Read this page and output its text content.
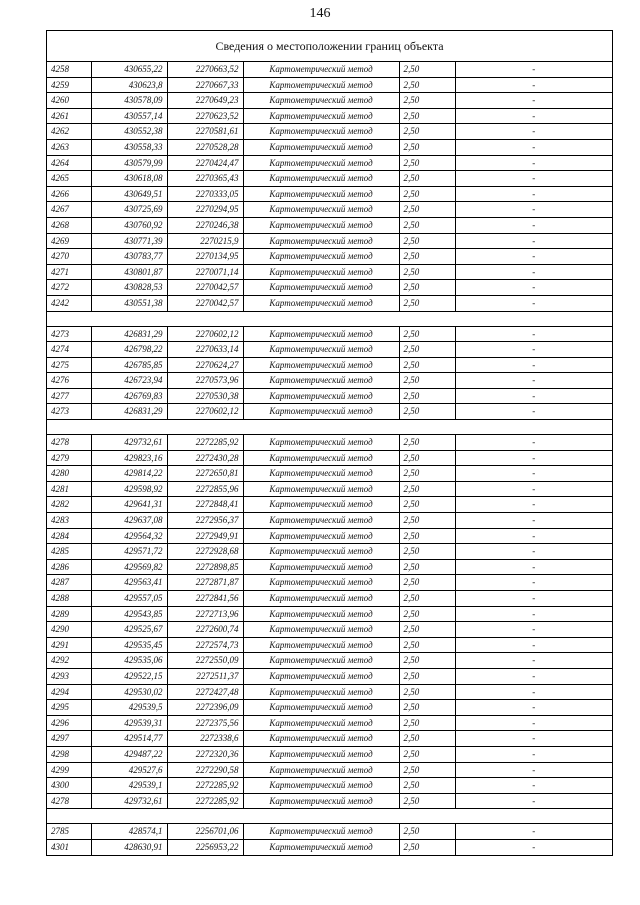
146
Сведения о местоположении границ объекта
4258	430655,22	2270663,52	Картометрический метод	2,50	-
4259	430623,8	2270667,33	Картометрический метод	2,50	-
4260	430578,09	2270649,23	Картометрический метод	2,50	-
4261	430557,14	2270623,52	Картометрический метод	2,50	-
4262	430552,38	2270581,61	Картометрический метод	2,50	-
4263	430558,33	2270528,28	Картометрический метод	2,50	-
4264	430579,99	2270424,47	Картометрический метод	2,50	-
4265	430618,08	2270365,43	Картометрический метод	2,50	-
4266	430649,51	2270333,05	Картометрический метод	2,50	-
4267	430725,69	2270294,95	Картометрический метод	2,50	-
4268	430760,92	2270246,38	Картометрический метод	2,50	-
4269	430771,39	2270215,9	Картометрический метод	2,50	-
4270	430783,77	2270134,95	Картометрический метод	2,50	-
4271	430801,87	2270071,14	Картометрический метод	2,50	-
4272	430828,53	2270042,57	Картометрический метод	2,50	-
4242	430551,38	2270042,57	Картометрический метод	2,50	-

4273	426831,29	2270602,12	Картометрический метод	2,50	-
4274	426798,22	2270633,14	Картометрический метод	2,50	-
4275	426785,85	2270624,27	Картометрический метод	2,50	-
4276	426723,94	2270573,96	Картометрический метод	2,50	-
4277	426769,83	2270530,38	Картометрический метод	2,50	-
4273	426831,29	2270602,12	Картометрический метод	2,50	-

4278	429732,61	2272285,92	Картометрический метод	2,50	-
4279	429823,16	2272430,28	Картометрический метод	2,50	-
4280	429814,22	2272650,81	Картометрический метод	2,50	-
4281	429598,92	2272855,96	Картометрический метод	2,50	-
4282	429641,31	2272848,41	Картометрический метод	2,50	-
4283	429637,08	2272956,37	Картометрический метод	2,50	-
4284	429564,32	2272949,91	Картометрический метод	2,50	-
4285	429571,72	2272928,68	Картометрический метод	2,50	-
4286	429569,82	2272898,85	Картометрический метод	2,50	-
4287	429563,41	2272871,87	Картометрический метод	2,50	-
4288	429557,05	2272841,56	Картометрический метод	2,50	-
4289	429543,85	2272713,96	Картометрический метод	2,50	-
4290	429525,67	2272600,74	Картометрический метод	2,50	-
4291	429535,45	2272574,73	Картометрический метод	2,50	-
4292	429535,06	2272550,09	Картометрический метод	2,50	-
4293	429522,15	2272511,37	Картометрический метод	2,50	-
4294	429530,02	2272427,48	Картометрический метод	2,50	-
4295	429539,5	2272396,09	Картометрический метод	2,50	-
4296	429539,31	2272375,56	Картометрический метод	2,50	-
4297	429514,77	2272338,6	Картометрический метод	2,50	-
4298	429487,22	2272320,36	Картометрический метод	2,50	-
4299	429527,6	2272290,58	Картометрический метод	2,50	-
4300	429539,1	2272285,92	Картометрический метод	2,50	-
4278	429732,61	2272285,92	Картометрический метод	2,50	-

2785	428574,1	2256701,06	Картометрический метод	2,50	-
4301	428630,91	2256953,22	Картометрический метод	2,50	-
